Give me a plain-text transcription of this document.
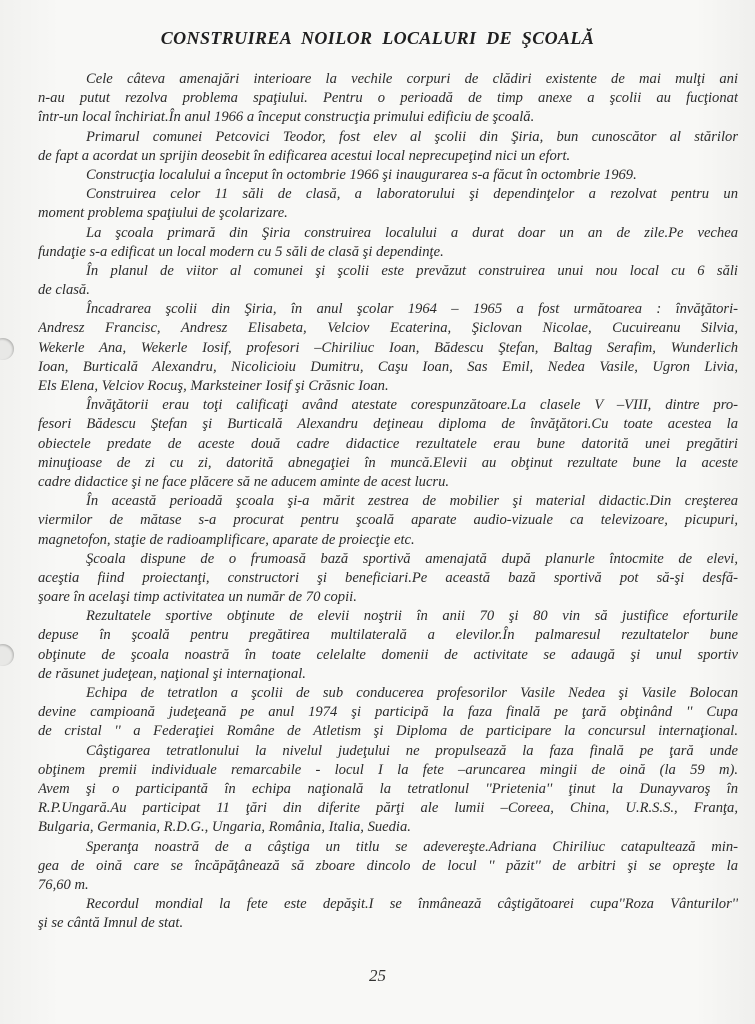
CONSTRUIREA  NOILOR  LOCALURI  DE  ŞCOALĂ
Cele câteva amenajări interioare la vechile corpuri de clădiri existente de mai mulţi ani
n-au putut rezolva problema spaţiului. Pentru o perioadă de timp anexe a şcolii au fucţionat
într-un local închiriat.În anul 1966 a început construcţia primului edificiu de şcoală.
Primarul comunei Petcovici Teodor, fost elev al şcolii din Şiria, bun cunoscător al stărilor
de fapt a acordat un sprijin deosebit în edificarea acestui local neprecupeţind nici un efort.
Construcţia localului a început în octombrie 1966 şi inaugurarea s-a făcut în octombrie 1969.
Construirea celor 11 săli de clasă, a laboratorului şi dependinţelor a rezolvat pentru un
moment problema spaţiului de şcolarizare.
La şcoala primară din Şiria construirea localului a durat doar un an de zile.Pe vechea
fundaţie s-a edificat un local modern cu 5 săli de clasă şi dependinţe.
În planul de viitor al comunei şi şcolii este prevăzut construirea unui nou local cu 6 săli
de clasă.
Încadrarea şcolii din Şiria, în anul şcolar 1964 – 1965 a fost următoarea : învăţători-
Andresz Francisc, Andresz Elisabeta, Velciov Ecaterina, Şiclovan Nicolae, Cucuireanu Silvia,
Wekerle Ana, Wekerle Iosif, profesori –Chiriliuc Ioan, Bădescu Ştefan, Baltag Serafim, Wunderlich
Ioan, Burticală Alexandru, Nicolicioiu Dumitru, Caşu Ioan, Sas Emil, Nedea Vasile, Ugron Livia,
Els Elena, Velciov Rocuş, Marksteiner Iosif şi Crăsnic Ioan.
Învăţătorii erau toţi calificaţi având atestate corespunzătoare.La clasele V –VIII, dintre pro-
fesori Bădescu Ştefan şi Burticală Alexandru deţineau diploma de învăţători.Cu toate acestea la
obiectele predate de aceste două cadre didactice rezultatele erau bune datorită unei pregătiri
minuţioase de zi cu zi, datorită abnegaţiei în muncă.Elevii au obţinut rezultate bune la aceste
cadre didactice şi ne face plăcere să ne aducem aminte de acest lucru.
În această perioadă şcoala şi-a mărit zestrea de mobilier şi material didactic.Din creşterea
viermilor de mătase s-a procurat pentru şcoală aparate audio-vizuale ca televizoare, picupuri,
magnetofon, staţie de radioamplificare, aparate de proiecţie etc.
Şcoala dispune de o frumoasă bază sportivă amenajată după planurle întocmite de elevi,
aceştia fiind proiectanţi, constructori şi beneficiari.Pe această bază sportivă pot să-şi desfă-
şoare în acelaşi timp activitatea un număr de 70 copii.
Rezultatele sportive obţinute de elevii noştrii în anii 70 şi 80 vin să justifice eforturile
depuse în şcoală pentru pregătirea multilaterală a elevilor.În palmaresul rezultatelor bune
obţinute de şcoala noastră în toate celelalte domenii de activitate se adaugă şi unul sportiv
de răsunet judeţean, naţional şi internaţional.
Echipa de tetratlon a şcolii de sub conducerea profesorilor Vasile Nedea şi Vasile Bolocan
devine campioană judeţeană pe anul 1974 şi participă la faza finală pe ţară obţinând '' Cupa
de cristal '' a Federaţiei Române de Atletism şi Diploma de participare la concursul internaţional.
Câştigarea tetratlonului la nivelul judeţului ne propulsează la faza finală pe ţară unde
obţinem premii individuale remarcabile - locul I la fete –aruncarea mingii de oină (la 59 m).
Avem şi o participantă în echipa naţională la tetratlonul ''Prietenia'' ţinut la Dunayvaroş în
R.P.Ungară.Au participat 11 ţări din diferite părţi ale lumii –Coreea, China, U.R.S.S., Franţa,
Bulgaria, Germania, R.D.G., Ungaria, România, Italia, Suedia.
Speranţa noastră de a câştiga un titlu se adevereşte.Adriana Chiriliuc catapultează min-
gea de oină care se încăpăţânează să zboare dincolo de locul '' păzit'' de arbitri şi se opreşte la
76,60 m.
Recordul mondial la fete este depăşit.I se înmânează câştigătoarei cupa''Roza Vânturilor''
şi se cântă Imnul de stat.
25
